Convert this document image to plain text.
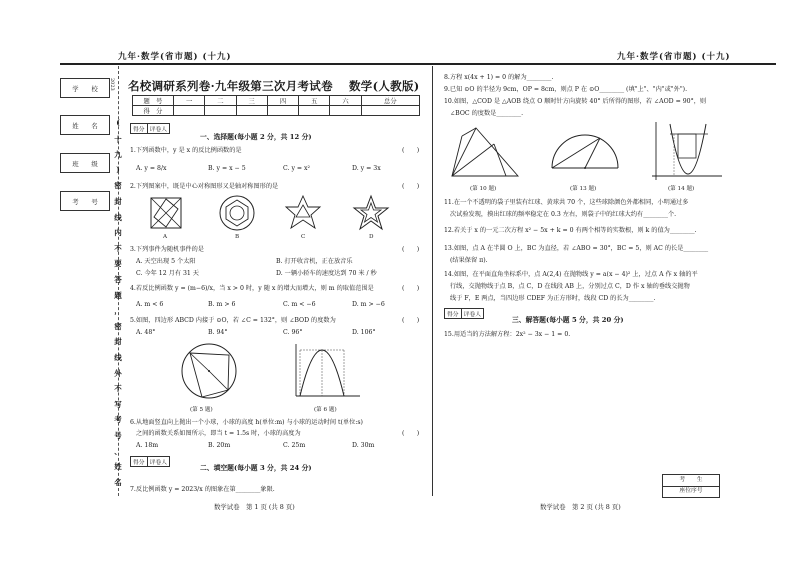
九年·数学(省市题) (十九)	九年·数学(省市题) (十九)
学　　校
姓　　名
班　　级
考　　号
2023
(
十
九
)
密
封
线
内
不
要
答
题
，
密
封
线
外
不
写
考
号
、
姓
名
名校调研系列卷·九年级第三次月考试卷　 数学(人教版)
题　号	一	二	三	四	五	六	总分
得　分							
得分	评卷人
一、选择题(每小题 2 分，共 12 分)
1.下列函数中，y 是 x 的反比例函数的是	(　　)
A. y = 8/x	B. y = x − 5	C. y = x²	D. y = 3x
2.下列图案中，既是中心对称图形又是轴对称图形的是	(　　)
A	B	C	D
3.下列事件为随机事件的是	(　　)
A. 天空出现 5 个太阳	B. 打开收音机，正在放音乐
C. 今年 12 月有 31 天	D. 一辆小轿车的速度达到 70 米 / 秒
4.若反比例函数 y = (m−6)/x，当 x > 0 时，y 随 x 的增大而增大，则 m 的取值范围是	(　　)
A. m < 6	B. m > 6	C. m < −6	D. m > −6
5.如图，四边形 ABCD 内接于 ⊙O，若 ∠C = 132°，则 ∠BOD 的度数为	(　　)
A. 48°	B. 94°	C. 96°	D. 106°
(第 5 题)	(第 6 题)
6.从地面竖直向上抛出一个小球，小球的高度 h(单位:m) 与小球的运动时间 t(单位:s)
之间的函数关系如图所示，即当 t = 1.5s 时，小球的高度为	(　　)
A. 18m	B. 20m	C. 25m	D. 30m
得分	评卷人
二、填空题(每小题 3 分，共 24 分)
7.反比例函数 y = 2023/x 的图象在第________象限.
数学试卷　第 1 页 (共 8 页)
8.方程 x(4x + 1) = 0 的解为________.
9.已知 ⊙O 的半径为 9cm，OP = 8cm，则点 P 在 ⊙O________ (填"上"、"内"或"外").
10.如图，△COD 是 △AOB 绕点 O 顺时针方向旋转 40° 后所得的图形，若 ∠AOD = 90°，则
∠BOC 的度数是________.
(第 10 题)	(第 13 题)	(第 14 题)
11.在一个不透明的袋子里装有红球、黄球共 70 个，这些球除颜色外都相同，小明通过多
次试验发现，摸出红球的频率稳定在 0.3 左右，则袋子中的红球大约有________个.
12.若关于 x 的一元二次方程 x² − 5x + k = 0 有两个相等的实数根，则 k 的值为________.
13.如图，点 A 在半圆 O 上，BC 为直径，若 ∠ABO = 30°，BC = 5，则 AC 的长是________
(结果保留 π).
14.如图，在平面直角坐标系中，点 A(2,4) 在抛物线 y = a(x − 4)² 上，过点 A 作 x 轴的平
行线，交抛物线于点 B，点 C，D 在线段 AB 上，分别过点 C，D 作 x 轴的垂线交抛物
线于 F，E 两点，当四边形 CDEF 为正方形时，线段 CD 的长为________.
得分	评卷人
三、解答题(每小题 5 分，共 20 分)
15.用适当的方法解方程：2x² − 3x − 1 = 0.
考　　生
座位序号
数学试卷　第 2 页 (共 8 页)
